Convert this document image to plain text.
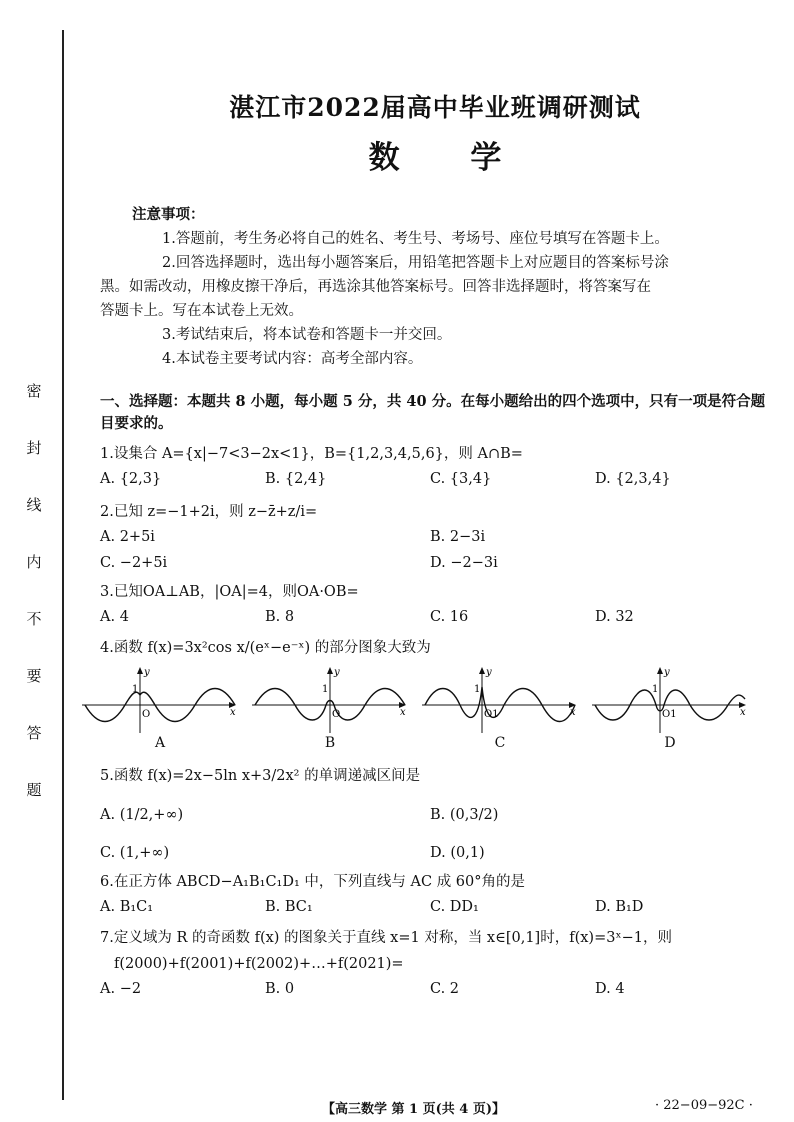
密
封
线
内
不
要
答
题
湛江市2022届高中毕业班调研测试
数 学
注意事项：

1.答题前，考生务必将自己的姓名、考生号、考场号、座位号填写在答题卡上。

2.回答选择题时，选出每小题答案后，用铅笔把答题卡上对应题目的答案标号涂

黑。如需改动，用橡皮擦干净后，再选涂其他答案标号。回答非选择题时，将答案写在

答题卡上。写在本试卷上无效。

3.考试结束后，将本试卷和答题卡一并交回。

4.本试卷主要考试内容：高考全部内容。

一、选择题：本题共 8 小题，每小题 5 分，共 40 分。在每小题给出的四个选项中，只有一项是符合题目要求的。
1.设集合 A={x|−7<3−2x<1}，B={1,2,3,4,5,6}，则 A∩B=
A. {2,3}	B. {2,4}	C. {3,4}	D. {2,3,4}
2.已知 z=−1+2i，则 z−z̄+z/i=
A. 2+5i	B. 2−3i
C. −2+5i	D. −2−3i
3.已知OA⊥AB，|OA|=4，则OA·OB=
A. 4	B. 8	C. 16	D. 32
4.函数 f(x)=3x²cos x/(eˣ−e⁻ˣ) 的部分图象大致为
y
1
O	x
A
y
1
O	x
B
y
1
O1	x
C
y
1
O1	x
D
5.函数 f(x)=2x−5ln x+3/2x² 的单调递减区间是
A. (1/2,+∞)	B. (0,3/2)
C. (1,+∞)	D. (0,1)
6.在正方体 ABCD−A₁B₁C₁D₁ 中，下列直线与 AC 成 60°角的是
A. B₁C₁	B. BC₁	C. DD₁	D. B₁D
7.定义域为 R 的奇函数 f(x) 的图象关于直线 x=1 对称，当 x∈[0,1]时，f(x)=3ˣ−1，则
f(2000)+f(2001)+f(2002)+…+f(2021)=
A. −2	B. 0	C. 2	D. 4
【高三数学 第 1 页(共 4 页)】	· 22−09−92C ·
